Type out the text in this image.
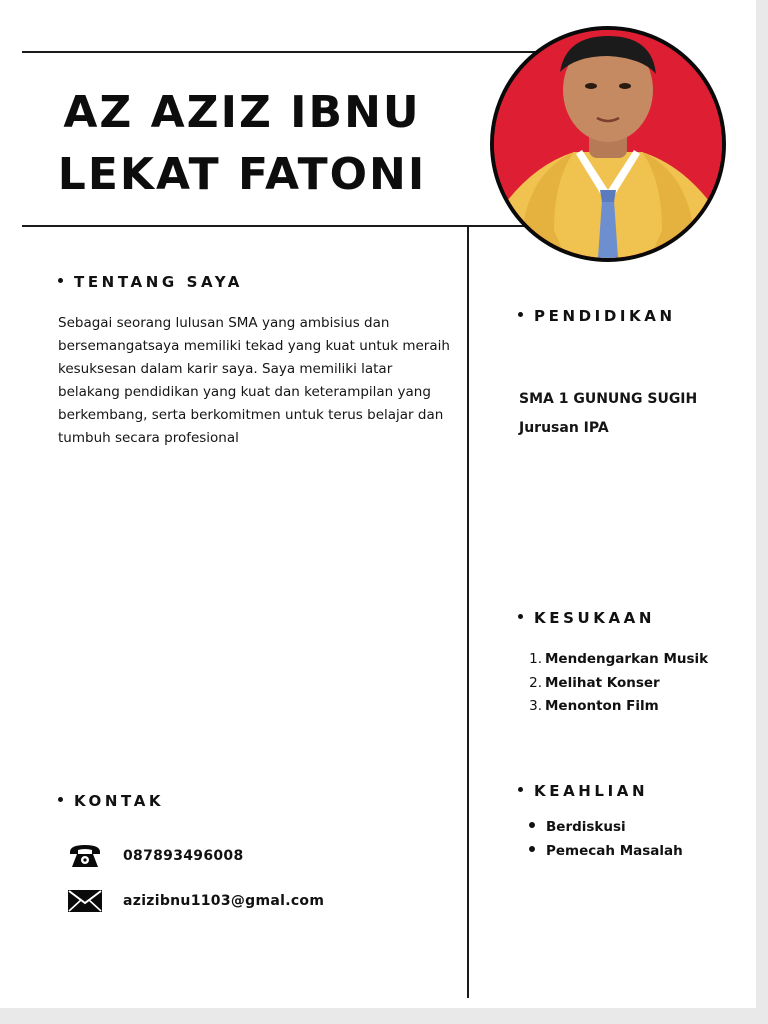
AZ AZIZ IBNU
LEKAT FATONI
TENTANG SAYA
Sebagai seorang lulusan SMA yang ambisius dan bersemangatsaya memiliki tekad yang kuat untuk meraih kesuksesan dalam karir saya. Saya memiliki latar belakang pendidikan yang kuat dan keterampilan yang berkembang, serta berkomitmen untuk terus belajar dan tumbuh secara profesional
PENDIDIKAN
SMA 1 GUNUNG SUGIH
Jurusan IPA
KESUKAAN
1. Mendengarkan Musik
2. Melihat Konser
3. Menonton Film
KEAHLIAN
Berdiskusi
Pemecah Masalah
KONTAK
087893496008
azizibnu1103@gmal.com
